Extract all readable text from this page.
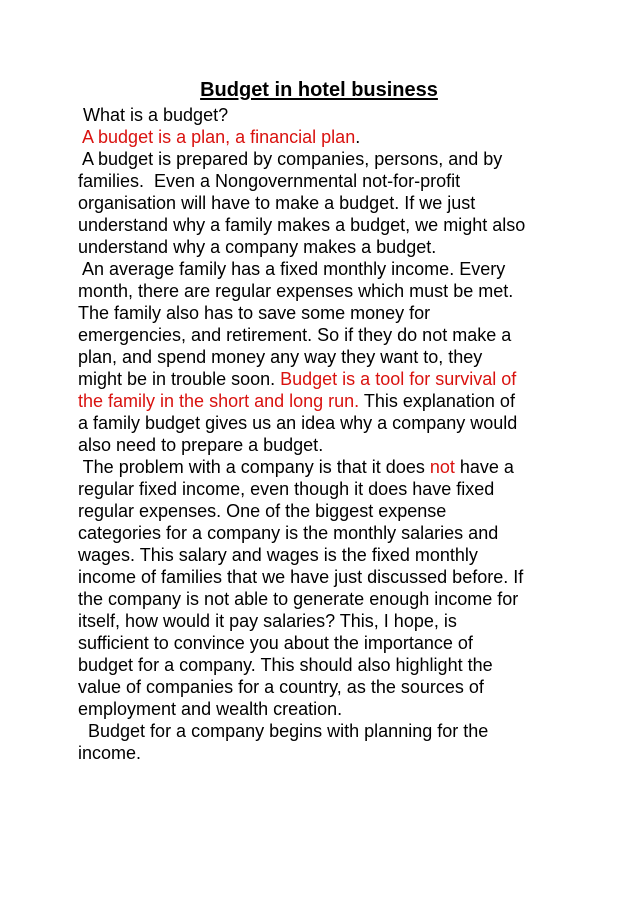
Budget in hotel business
What is a budget?
A budget is a plan, a financial plan.
A budget is prepared by companies, persons, and by
families.  Even a Nongovernmental not-for-profit
organisation will have to make a budget. If we just
understand why a family makes a budget, we might also
understand why a company makes a budget.
An average family has a fixed monthly income. Every
month, there are regular expenses which must be met.
The family also has to save some money for
emergencies, and retirement. So if they do not make a
plan, and spend money any way they want to, they
might be in trouble soon. Budget is a tool for survival of
the family in the short and long run. This explanation of
a family budget gives us an idea why a company would
also need to prepare a budget.
The problem with a company is that it does not have a
regular fixed income, even though it does have fixed
regular expenses. One of the biggest expense
categories for a company is the monthly salaries and
wages. This salary and wages is the fixed monthly
income of families that we have just discussed before. If
the company is not able to generate enough income for
itself, how would it pay salaries? This, I hope, is
sufficient to convince you about the importance of
budget for a company. This should also highlight the
value of companies for a country, as the sources of
employment and wealth creation.
Budget for a company begins with planning for the
income.
